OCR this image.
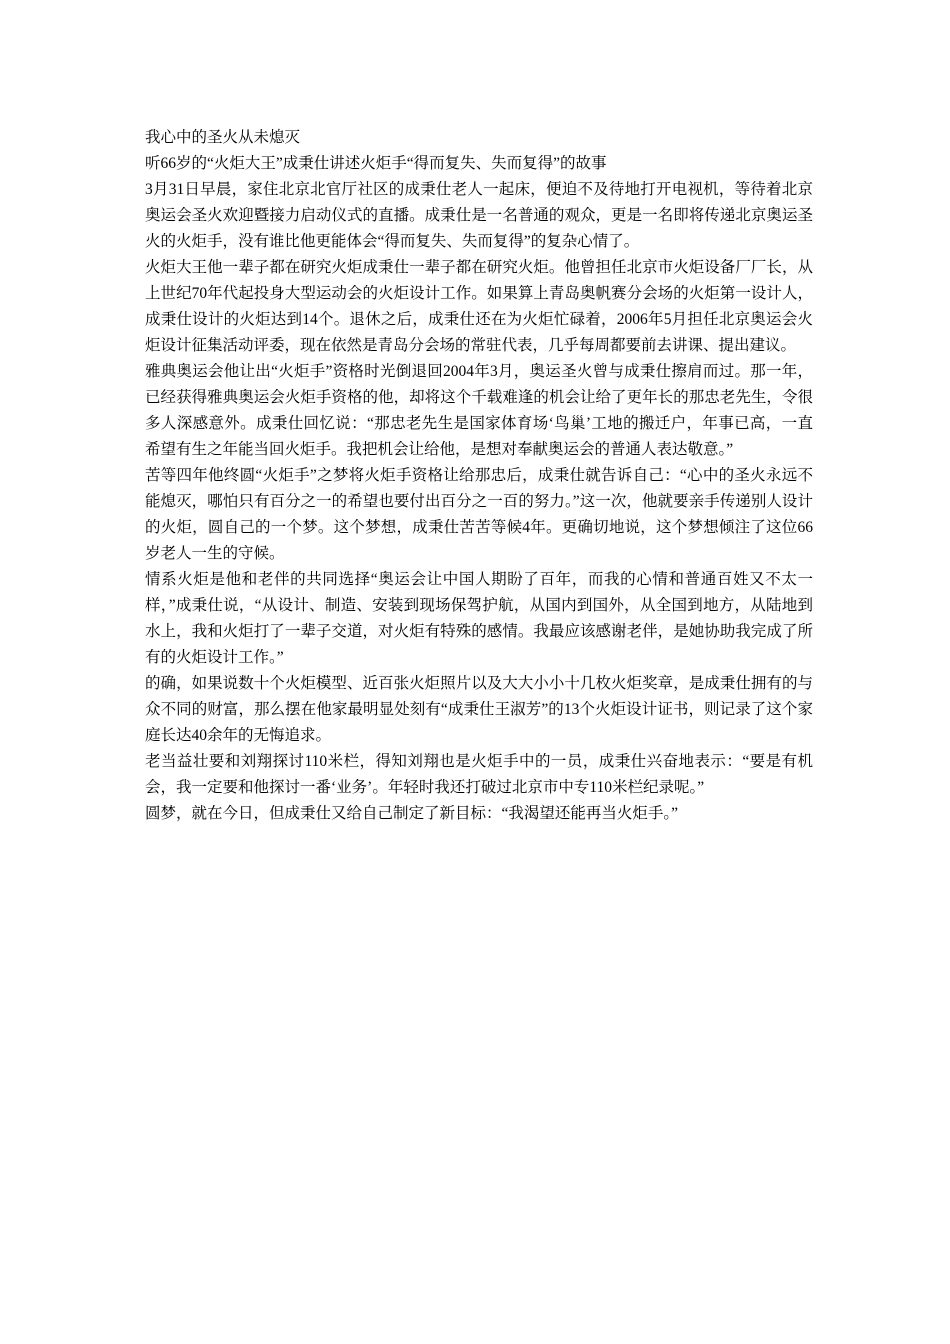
我心中的圣火从未熄灭

听66岁的“火炬大王”成秉仕讲述火炬手“得而复失、失而复得”的故事

3月31日早晨，家住北京北官厅社区的成秉仕老人一起床，便迫不及待地打开电视机，等待着北京奥运会圣火欢迎暨接力启动仪式的直播。成秉仕是一名普通的观众，更是一名即将传递北京奥运圣火的火炬手，没有谁比他更能体会“得而复失、失而复得”的复杂心情了。

火炬大王他一辈子都在研究火炬成秉仕一辈子都在研究火炬。他曾担任北京市火炬设备厂厂长，从上世纪70年代起投身大型运动会的火炬设计工作。如果算上青岛奥帆赛分会场的火炬第一设计人，成秉仕设计的火炬达到14个。退休之后，成秉仕还在为火炬忙碌着，2006年5月担任北京奥运会火炬设计征集活动评委，现在依然是青岛分会场的常驻代表，几乎每周都要前去讲课、提出建议。

雅典奥运会他让出“火炬手”资格时光倒退回2004年3月，奥运圣火曾与成秉仕擦肩而过。那一年，已经获得雅典奥运会火炬手资格的他，却将这个千载难逢的机会让给了更年长的那忠老先生，令很多人深感意外。成秉仕回忆说：“那忠老先生是国家体育场‘鸟巢’工地的搬迁户，年事已高，一直希望有生之年能当回火炬手。我把机会让给他，是想对奉献奥运会的普通人表达敬意。”

苦等四年他终圆“火炬手”之梦将火炬手资格让给那忠后，成秉仕就告诉自己：“心中的圣火永远不能熄灭，哪怕只有百分之一的希望也要付出百分之一百的努力。”这一次，他就要亲手传递别人设计的火炬，圆自己的一个梦。这个梦想，成秉仕苦苦等候4年。更确切地说，这个梦想倾注了这位66岁老人一生的守候。

情系火炬是他和老伴的共同选择“奥运会让中国人期盼了百年，而我的心情和普通百姓又不太一样，”成秉仕说，“从设计、制造、安装到现场保驾护航，从国内到国外，从全国到地方，从陆地到水上，我和火炬打了一辈子交道，对火炬有特殊的感情。我最应该感谢老伴，是她协助我完成了所有的火炬设计工作。”

的确，如果说数十个火炬模型、近百张火炬照片以及大大小小十几枚火炬奖章，是成秉仕拥有的与众不同的财富，那么摆在他家最明显处刻有“成秉仕王淑芳”的13个火炬设计证书，则记录了这个家庭长达40余年的无悔追求。

老当益壮要和刘翔探讨110米栏，得知刘翔也是火炬手中的一员，成秉仕兴奋地表示：“要是有机会，我一定要和他探讨一番‘业务’。年轻时我还打破过北京市中专110米栏纪录呢。”

圆梦，就在今日，但成秉仕又给自己制定了新目标：“我渴望还能再当火炬手。”
